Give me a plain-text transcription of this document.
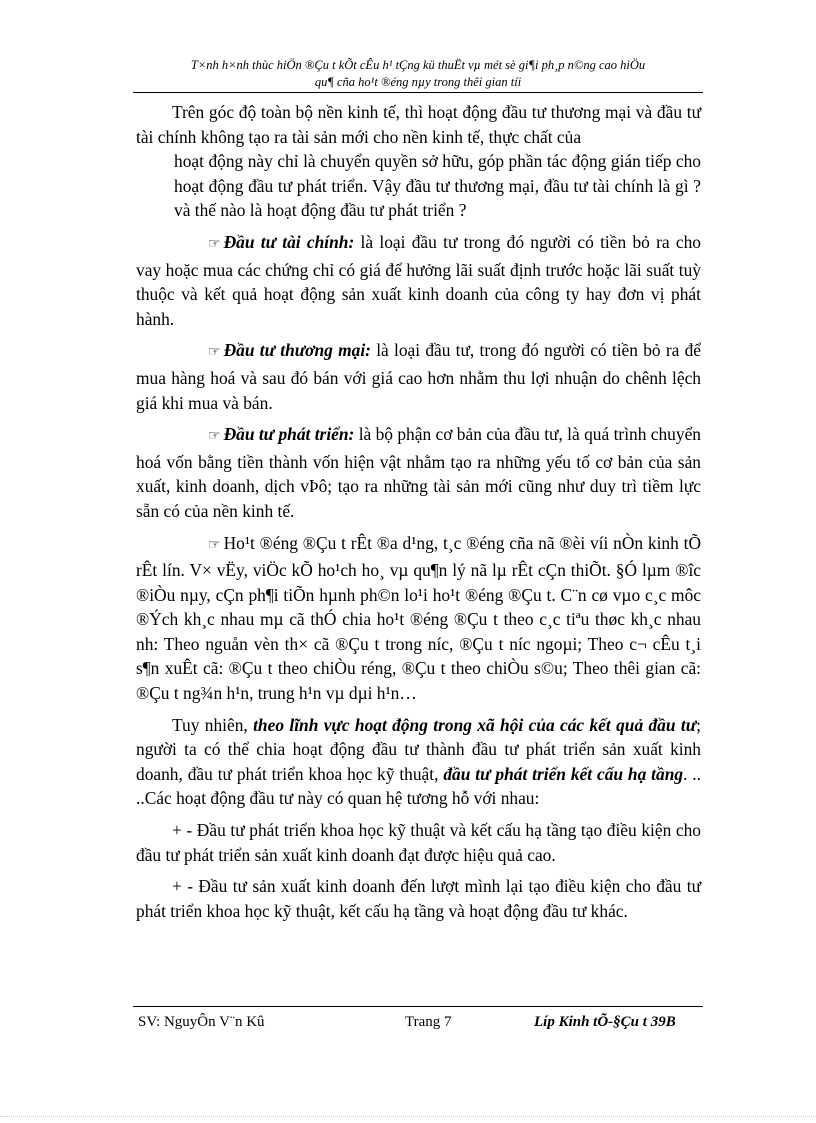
T×nh h×nh thùc hiÖn ®Çu t kÕt cÊu h¹ tÇng kü thuËt vµ mét sè gi¶i ph¸p n©ng cao hiÖu
qu¶ cña ho¹t ®éng nµy trong thêi gian tíi

Trên góc độ toàn bộ nền kinh tế, thì hoạt động đầu tư thương mại và đầu tư tài chính không tạo ra tài sản mới cho nền kinh tế, thực chất của

hoạt động này chỉ là chuyển quyền sở hữu, góp phần tác động gián tiếp cho hoạt động đầu tư phát triển. Vậy đầu tư thương mại, đầu tư tài chính là gì ? và thế nào là hoạt động đầu tư phát triển ?

☞ Đầu tư tài chính: là loại đầu tư trong đó người có tiền bỏ ra cho vay hoặc mua các chứng chỉ có giá để hưởng lãi suất định trước hoặc lãi suất tuỳ thuộc và kết quả hoạt động sản xuất kinh doanh của công ty hay đơn vị phát hành.

☞ Đầu tư thương mại: là loại đầu tư, trong đó người có tiền bỏ ra để mua hàng hoá và sau đó bán với giá cao hơn nhằm thu lợi nhuận do chênh lệch giá khi mua và bán.

☞ Đầu tư phát triển: là bộ phận cơ bản của đầu tư, là quá trình chuyển hoá vốn bằng tiền thành vốn hiện vật nhằm tạo ra những yếu tố cơ bản của sản xuất, kinh doanh, dịch vÞô; tạo ra những tài sản mới cũng như duy trì tiềm lực sẵn có của nền kinh tế.

☞ Ho¹t ®éng ®Çu t rÊt ®a d¹ng, t¸c ®éng cña nã ®èi víi nÒn kinh tÕ rÊt lín. V× vËy, viÖc kÕ ho¹ch ho¸ vµ qu¶n lý nã lµ rÊt cÇn thiÕt. §Ó lµm ®îc ®iÒu nµy, cÇn ph¶i tiÕn hµnh ph©n lo¹i ho¹t ®éng ®Çu t. C¨n cø vµo c¸c môc ®Ých kh¸c nhau mµ cã thÓ chia ho¹t ®éng ®Çu t theo c¸c tiªu thøc kh¸c nhau nh: Theo nguån vèn th× cã ®Çu t trong níc, ®Çu t níc ngoµi; Theo c¬ cÊu t¸i s¶n xuÊt cã: ®Çu t theo chiÒu réng, ®Çu t theo chiÒu s©u; Theo thêi gian cã: ®Çu t ng¾n h¹n, trung h¹n vµ dµi h¹n…

Tuy nhiên, theo lĩnh vực hoạt động trong xã hội của các kết quả đầu tư; người ta có thể chia hoạt động đầu tư thành đầu tư phát triển sản xuất kinh doanh, đầu tư phát triển khoa học kỹ thuật, đầu tư phát triển kết cấu hạ tầng. .. ..Các hoạt động đầu tư này có quan hệ tương hỗ với nhau:

+ - Đầu tư phát triển khoa học kỹ thuật và kết cấu hạ tầng tạo điều kiện cho đầu tư phát triển sản xuất kinh doanh đạt được hiệu quả cao.

+ - Đầu tư sản xuất kinh doanh đến lượt mình lại tạo điều kiện cho đầu tư phát triển khoa học kỹ thuật, kết cấu hạ tầng và hoạt động đầu tư khác.

SV: NguyÔn V¨n Kû	Trang 7	Líp Kinh tÕ-§Çu t 39B
